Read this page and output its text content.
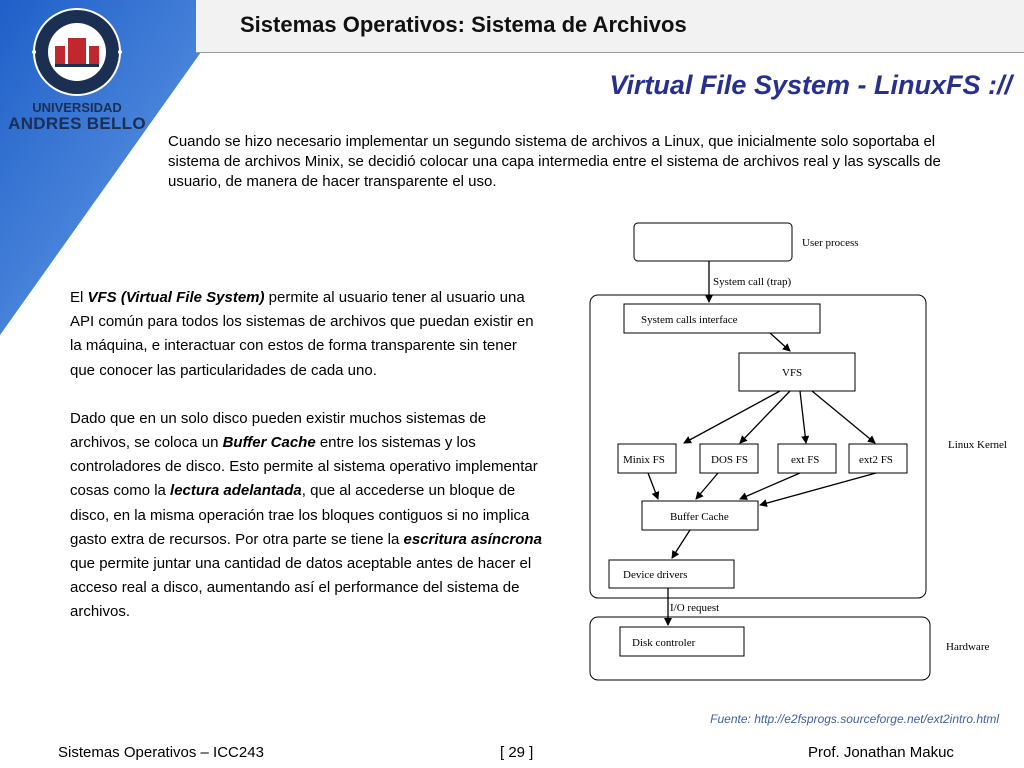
Sistemas Operativos: Sistema de Archivos
UNIVERSIDAD
ANDRES BELLO
Virtual File System - LinuxFS ://
Cuando se hizo necesario implementar un segundo sistema de archivos a Linux, que inicialmente solo soportaba el sistema de archivos Minix, se decidió colocar una capa intermedia entre el sistema de archivos real y las syscalls de usuario, de manera de hacer transparente el uso.

El VFS (Virtual File System) permite al usuario tener al usuario una API común para todos los sistemas de archivos que puedan existir en la máquina, e interactuar con estos de forma transparente sin tener que conocer las particularidades de cada uno.

Dado que en un solo disco pueden existir muchos sistemas de archivos, se coloca un Buffer Cache entre los sistemas y los controladores de disco. Esto permite al sistema operativo implementar cosas como la lectura adelantada, que al accederse un bloque de disco, en la misma operación trae los bloques contiguos si no implica gasto extra de recursos. Por otra parte se tiene la escritura asíncrona que permite juntar una cantidad de datos aceptable antes de hacer el acceso real a disco, aumentando así el performance del sistema de archivos.

User process
System call (trap)
System calls interface
VFS
Minix FS	DOS FS	ext FS	ext2 FS
Buffer Cache
Device drivers
I/O request
Disk controler
Linux Kernel
Hardware
Fuente: http://e2fsprogs.sourceforge.net/ext2intro.html
Sistemas Operativos – ICC243	[ 29 ]	Prof. Jonathan Makuc
